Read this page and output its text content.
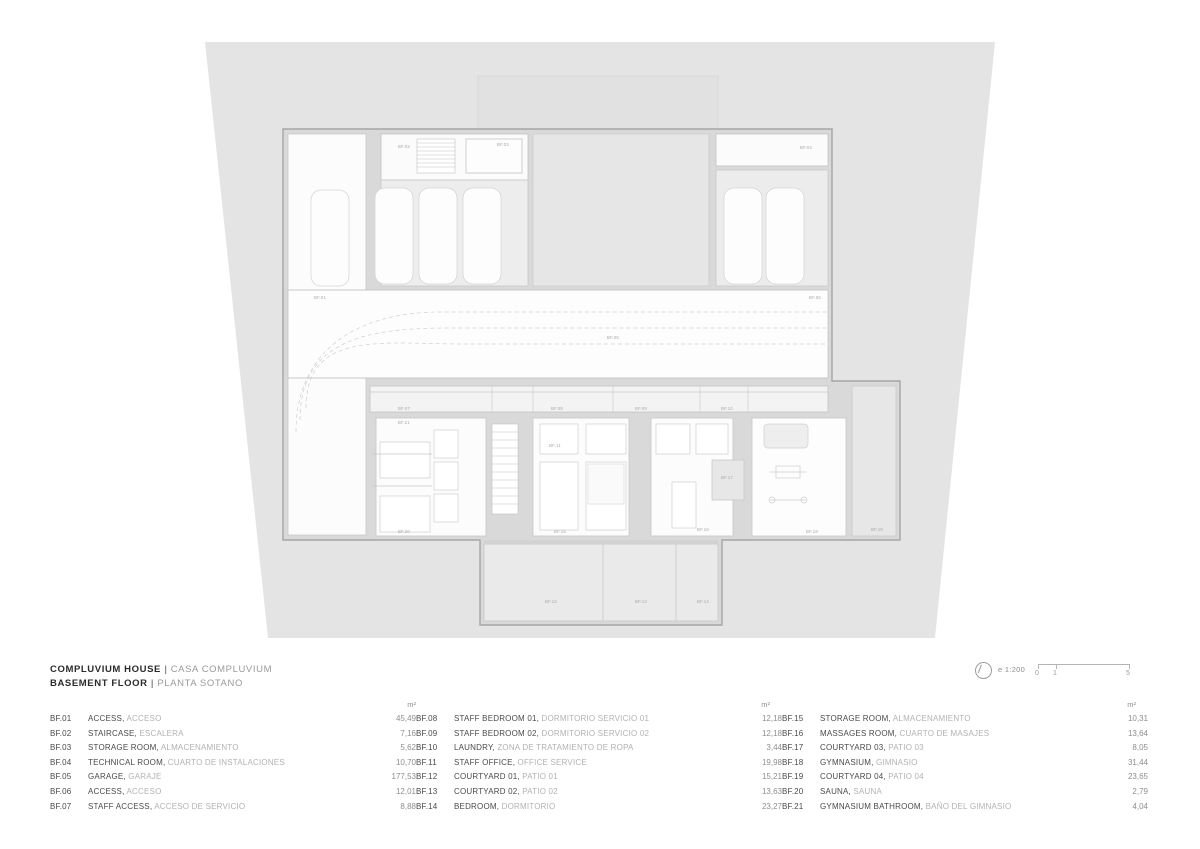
BF.01
BF.02	BF.03
BF.04
BF.05
BF.06
BF.07	BF.08	BF.09	BF.10
BF.11
BF.12	BF.13	BF.14
BF.15	BF.16
BF.17
BF.18	BF.19
BF.20
BF.21
COMPLUVIUM HOUSE | CASA COMPLUVIUM
BASEMENT FLOOR | PLANTA SOTANO
e 1:200 0 1	5
m²
BF.01	ACCESS, ACCESO	45,49
BF.02	STAIRCASE, ESCALERA	7,16
BF.03	STORAGE ROOM, ALMACENAMIENTO	5,62
BF.04	TECHNICAL ROOM, CUARTO DE INSTALACIONES	10,70
BF.05	GARAGE, GARAJE	177,53
BF.06	ACCESS, ACCESO	12,01
BF.07	STAFF ACCESS, ACCESO DE SERVICIO	8,88
m²
BF.08	STAFF BEDROOM 01, DORMITORIO SERVICIO 01	12,18
BF.09	STAFF BEDROOM 02, DORMITORIO SERVICIO 02	12,18
BF.10	LAUNDRY, ZONA DE TRATAMIENTO DE ROPA	3,44
BF.11	STAFF OFFICE, OFFICE SERVICE	19,98
BF.12	COURTYARD 01, PATIO 01	15,21
BF.13	COURTYARD 02, PATIO 02	13,63
BF.14	BEDROOM, DORMITORIO	23,27
m²
BF.15	STORAGE ROOM, ALMACENAMIENTO	10,31
BF.16	MASSAGES ROOM, CUARTO DE MASAJES	13,64
BF.17	COURTYARD 03, PATIO 03	8,05
BF.18	GYMNASIUM, GIMNASIO	31,44
BF.19	COURTYARD 04, PATIO 04	23,65
BF.20	SAUNA, SAUNA	2,79
BF.21	GYMNASIUM BATHROOM, BAÑO DEL GIMNASIO	4,04
